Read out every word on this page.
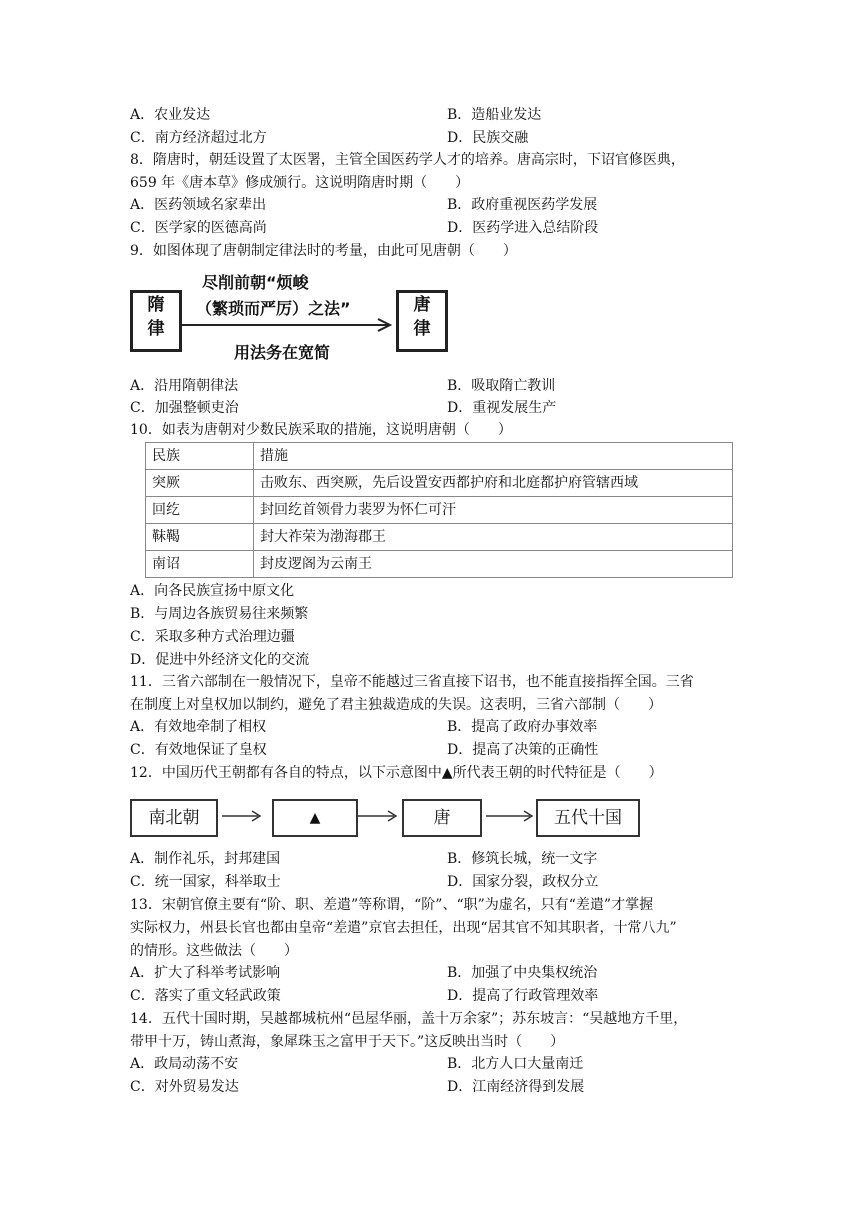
A．农业发达	B．造船业发达
C．南方经济超过北方	D．民族交融
8．隋唐时，朝廷设置了太医署，主管全国医药学人才的培养。唐高宗时，下诏官修医典，
659 年《唐本草》修成颁行。这说明隋唐时期（　　）
A．医药领域名家辈出	B．政府重视医药学发展
C．医学家的医德高尚	D．医药学进入总结阶段
9．如图体现了唐朝制定律法时的考量，由此可见唐朝（　　）
隋
律
尽削前朝“烦峻
（繁琐而严厉）之法”
用法务在宽简
唐
律
A．沿用隋朝律法	B．吸取隋亡教训
C．加强整顿吏治	D．重视发展生产
10．如表为唐朝对少数民族采取的措施，这说明唐朝（　　）
民族	措施
突厥	击败东、西突厥，先后设置安西都护府和北庭都护府管辖西域
回纥	封回纥首领骨力裴罗为怀仁可汗
靺鞨	封大祚荣为渤海郡王
南诏	封皮逻阁为云南王
A．向各民族宣扬中原文化
B．与周边各族贸易往来频繁
C．采取多种方式治理边疆
D．促进中外经济文化的交流
11．三省六部制在一般情况下，皇帝不能越过三省直接下诏书，也不能直接指挥全国。三省
在制度上对皇权加以制约，避免了君主独裁造成的失误。这表明，三省六部制（　　）
A．有效地牵制了相权	B．提高了政府办事效率
C．有效地保证了皇权	D．提高了决策的正确性
12．中国历代王朝都有各自的特点，以下示意图中▲所代表王朝的时代特征是（　　）
南北朝	▲	唐	五代十国
A．制作礼乐，封邦建国	B．修筑长城，统一文字
C．统一国家，科举取士	D．国家分裂，政权分立
13．宋朝官僚主要有“阶、职、差遣”等称谓，“阶”、“职”为虚名，只有“差遣”才掌握
实际权力，州县长官也都由皇帝“差遣”京官去担任，出现“居其官不知其职者，十常八九”
的情形。这些做法（　　）
A．扩大了科举考试影响	B．加强了中央集权统治
C．落实了重文轻武政策	D．提高了行政管理效率
14．五代十国时期，吴越都城杭州“邑屋华丽，盖十万余家”；苏东坡言：“吴越地方千里，
带甲十万，铸山煮海，象犀珠玉之富甲于天下。”这反映出当时（　　）
A．政局动荡不安	B．北方人口大量南迁
C．对外贸易发达	D．江南经济得到发展
